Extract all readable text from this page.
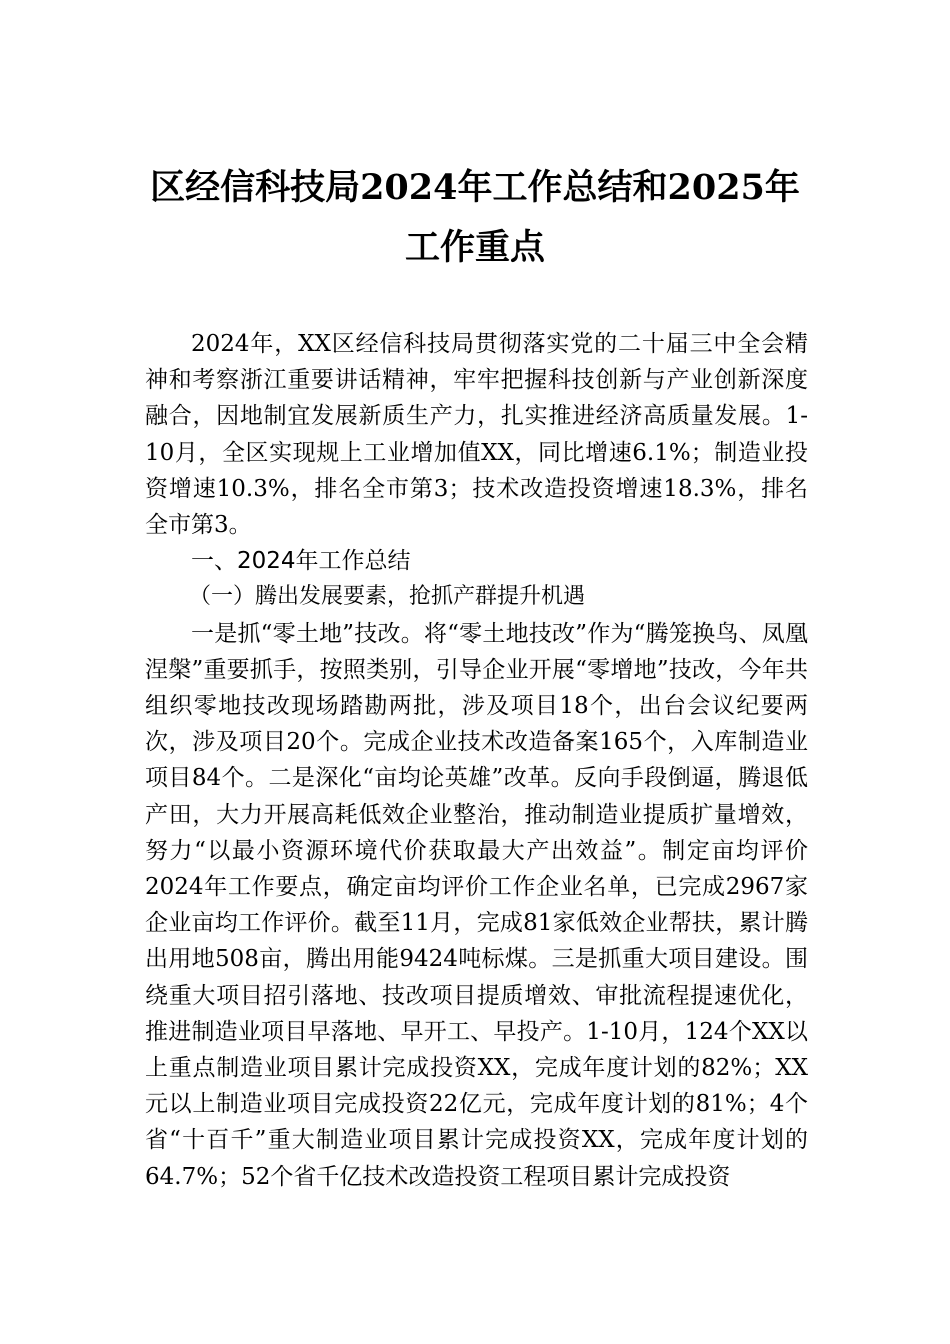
区经信科技局2024年工作总结和2025年工作重点

2024年，XX区经信科技局贯彻落实党的二十届三中全会精神和考察浙江重要讲话精神，牢牢把握科技创新与产业创新深度融合，因地制宜发展新质生产力，扎实推进经济高质量发展。1-10月，全区实现规上工业增加值XX，同比增速6.1%；制造业投资增速10.3%，排名全市第3；技术改造投资增速18.3%，排名全市第3。

一、2024年工作总结

（一）腾出发展要素，抢抓产群提升机遇

一是抓“零土地”技改。将“零土地技改”作为“腾笼换鸟、凤凰涅槃”重要抓手，按照类别，引导企业开展“零增地”技改，今年共组织零地技改现场踏勘两批，涉及项目18个，出台会议纪要两次，涉及项目20个。完成企业技术改造备案165个，入库制造业项目84个。二是深化“亩均论英雄”改革。反向手段倒逼，腾退低产田，大力开展高耗低效企业整治，推动制造业提质扩量增效，努力“以最小资源环境代价获取最大产出效益”。制定亩均评价2024年工作要点，确定亩均评价工作企业名单，已完成2967家企业亩均工作评价。截至11月，完成81家低效企业帮扶，累计腾出用地508亩，腾出用能9424吨标煤。三是抓重大项目建设。围绕重大项目招引落地、技改项目提质增效、审批流程提速优化，推进制造业项目早落地、早开工、早投产。1-10月，124个XX以上重点制造业项目累计完成投资XX，完成年度计划的82%；XX元以上制造业项目完成投资22亿元，完成年度计划的81%；4个省“十百千”重大制造业项目累计完成投资XX，完成年度计划的64.7%；52个省千亿技术改造投资工程项目累计完成投资
